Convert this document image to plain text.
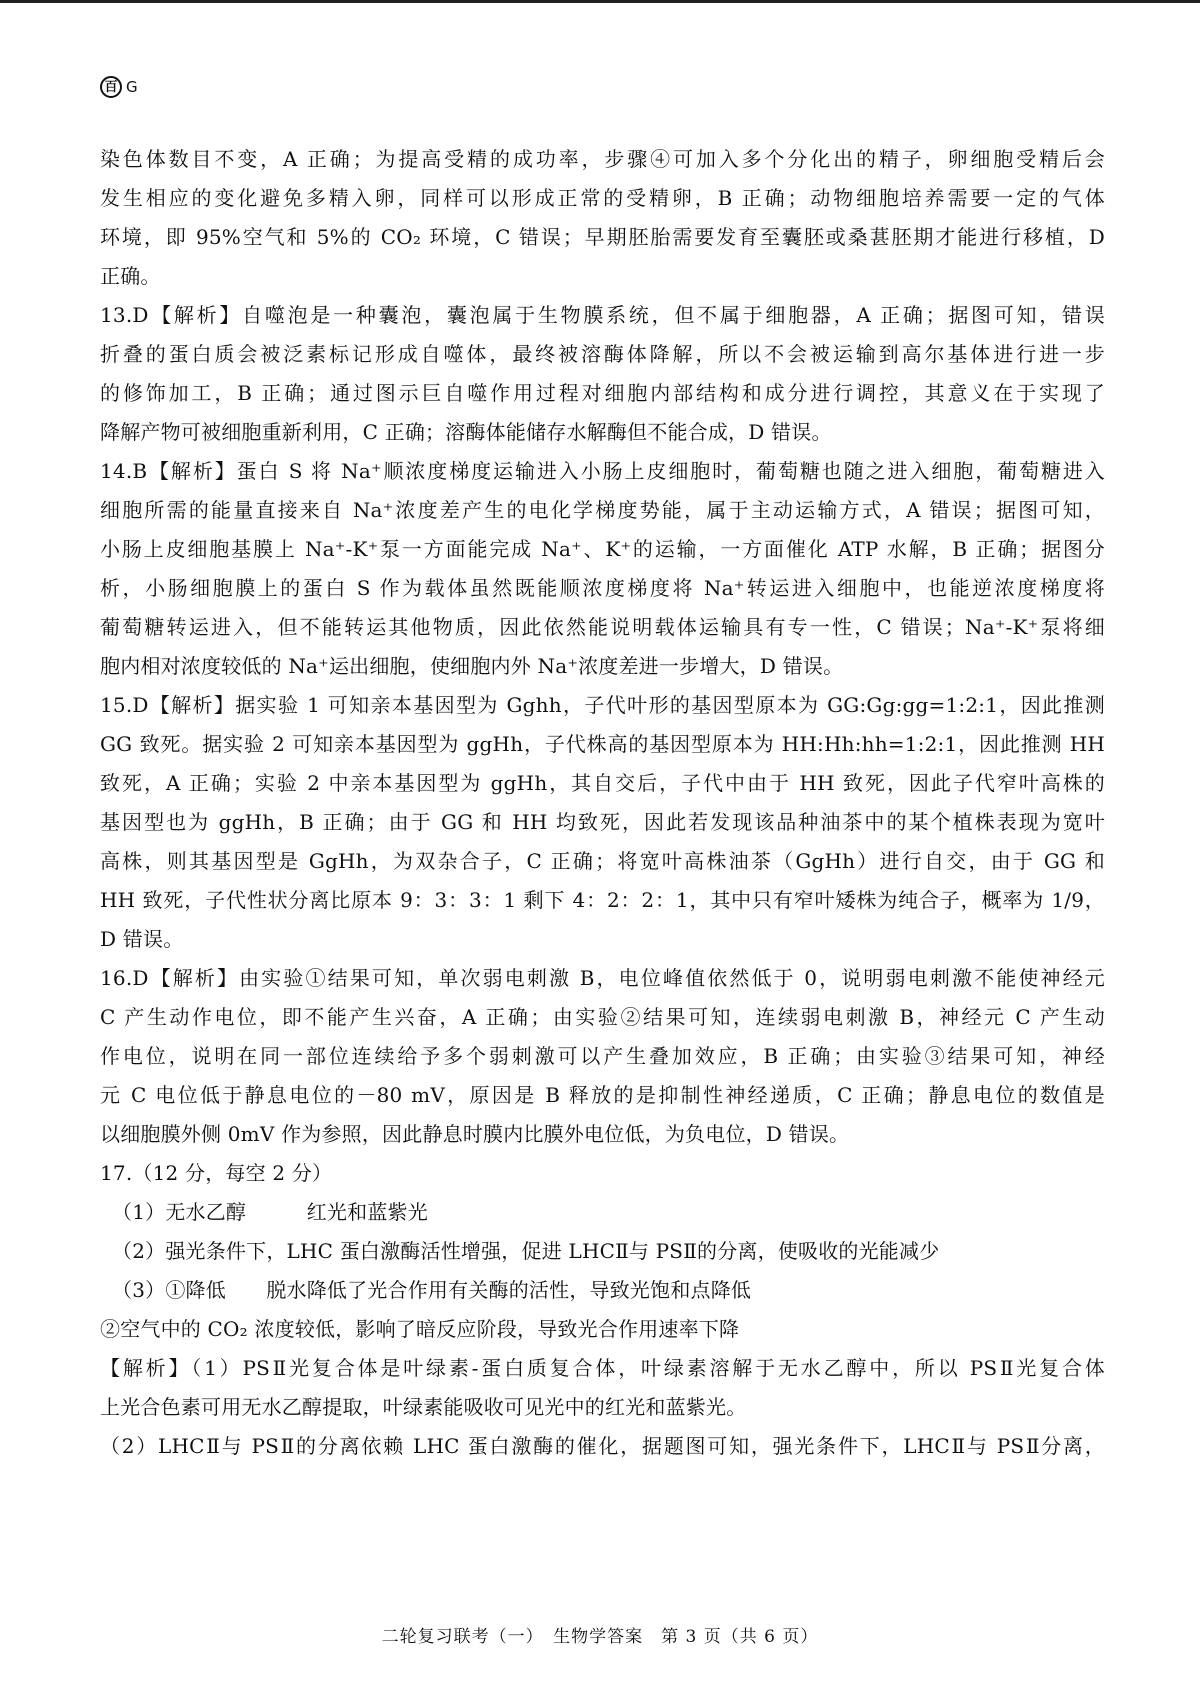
百 G
染色体数目不变，A 正确；为提高受精的成功率，步骤④可加入多个分化出的精子，卵细胞受精后会
发生相应的变化避免多精入卵，同样可以形成正常的受精卵，B 正确；动物细胞培养需要一定的气体
环境，即 95%空气和 5%的 CO₂ 环境，C 错误；早期胚胎需要发育至囊胚或桑葚胚期才能进行移植，D
正确。
13.D【解析】自噬泡是一种囊泡，囊泡属于生物膜系统，但不属于细胞器，A 正确；据图可知，错误
折叠的蛋白质会被泛素标记形成自噬体，最终被溶酶体降解，所以不会被运输到高尔基体进行进一步
的修饰加工，B 正确；通过图示巨自噬作用过程对细胞内部结构和成分进行调控，其意义在于实现了
降解产物可被细胞重新利用，C 正确；溶酶体能储存水解酶但不能合成，D 错误。
14.B【解析】蛋白 S 将 Na⁺顺浓度梯度运输进入小肠上皮细胞时，葡萄糖也随之进入细胞，葡萄糖进入
细胞所需的能量直接来自 Na⁺浓度差产生的电化学梯度势能，属于主动运输方式，A 错误；据图可知，
小肠上皮细胞基膜上 Na⁺-K⁺泵一方面能完成 Na⁺、K⁺的运输，一方面催化 ATP 水解，B 正确；据图分
析，小肠细胞膜上的蛋白 S 作为载体虽然既能顺浓度梯度将 Na⁺转运进入细胞中，也能逆浓度梯度将
葡萄糖转运进入，但不能转运其他物质，因此依然能说明载体运输具有专一性，C 错误；Na⁺-K⁺泵将细
胞内相对浓度较低的 Na⁺运出细胞，使细胞内外 Na⁺浓度差进一步增大，D 错误。
15.D【解析】据实验 1 可知亲本基因型为 Gghh，子代叶形的基因型原本为 GG:Gg:gg=1:2:1，因此推测
GG 致死。据实验 2 可知亲本基因型为 ggHh，子代株高的基因型原本为 HH:Hh:hh=1:2:1，因此推测 HH
致死，A 正确；实验 2 中亲本基因型为 ggHh，其自交后，子代中由于 HH 致死，因此子代窄叶高株的
基因型也为 ggHh，B 正确；由于 GG 和 HH 均致死，因此若发现该品种油茶中的某个植株表现为宽叶
高株，则其基因型是 GgHh，为双杂合子，C 正确；将宽叶高株油茶（GgHh）进行自交，由于 GG 和
HH 致死，子代性状分离比原本 9：3：3：1 剩下 4：2：2：1，其中只有窄叶矮株为纯合子，概率为 1/9，
D 错误。
16.D【解析】由实验①结果可知，单次弱电刺激 B，电位峰值依然低于 0，说明弱电刺激不能使神经元
C 产生动作电位，即不能产生兴奋，A 正确；由实验②结果可知，连续弱电刺激 B，神经元 C 产生动
作电位，说明在同一部位连续给予多个弱刺激可以产生叠加效应，B 正确；由实验③结果可知，神经
元 C 电位低于静息电位的－80 mV，原因是 B 释放的是抑制性神经递质，C 正确；静息电位的数值是
以细胞膜外侧 0mV 作为参照，因此静息时膜内比膜外电位低，为负电位，D 错误。
17.（12 分，每空 2 分）
（1）无水乙醇　　　红光和蓝紫光
（2）强光条件下，LHC 蛋白激酶活性增强，促进 LHCⅡ与 PSⅡ的分离，使吸收的光能减少
（3）①降低　　脱水降低了光合作用有关酶的活性，导致光饱和点降低
②空气中的 CO₂ 浓度较低，影响了暗反应阶段，导致光合作用速率下降
【解析】（1）PSⅡ光复合体是叶绿素-蛋白质复合体，叶绿素溶解于无水乙醇中，所以 PSⅡ光复合体
上光合色素可用无水乙醇提取，叶绿素能吸收可见光中的红光和蓝紫光。
（2）LHCⅡ与 PSⅡ的分离依赖 LHC 蛋白激酶的催化，据题图可知，强光条件下，LHCⅡ与 PSⅡ分离，
二轮复习联考（一）　生物学答案　第 3 页（共 6 页）
